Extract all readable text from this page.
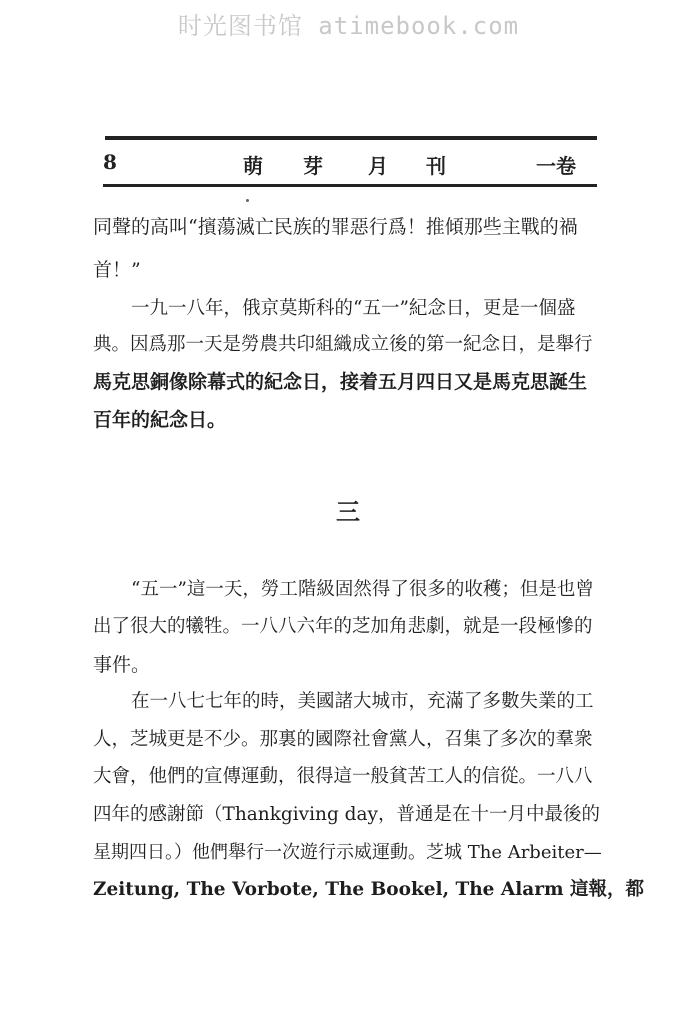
时光图书馆 atimebook.com
8	萌 芽 月 刊	一卷
同聲的高叫“擯蕩滅亡民族的罪惡行爲！推傾那些主戰的禍
首！”
一九一八年，俄京莫斯科的“五一”紀念日，更是一個盛
典。因爲那一天是勞農共印組織成立後的第一紀念日，是舉行
馬克思銅像除幕式的紀念日，接着五月四日又是馬克思誕生
百年的紀念日。
三
“五一”這一天，勞工階級固然得了很多的收穫；但是也曾
出了很大的犧牲。一八八六年的芝加角悲劇，就是一段極慘的
事件。
在一八七七年的時，美國諸大城市，充滿了多數失業的工
人，芝城更是不少。那裏的國際社會黨人，召集了多次的羣衆
大會，他們的宣傳運動，很得這一般貧苦工人的信從。一八八
四年的感謝節（Thankgiving day，普通是在十一月中最後的
星期四日。）他們舉行一次遊行示威運動。芝城 The Arbeiter—
Zeitung, The Vorbote, The Bookel, The Alarm 這報，都
